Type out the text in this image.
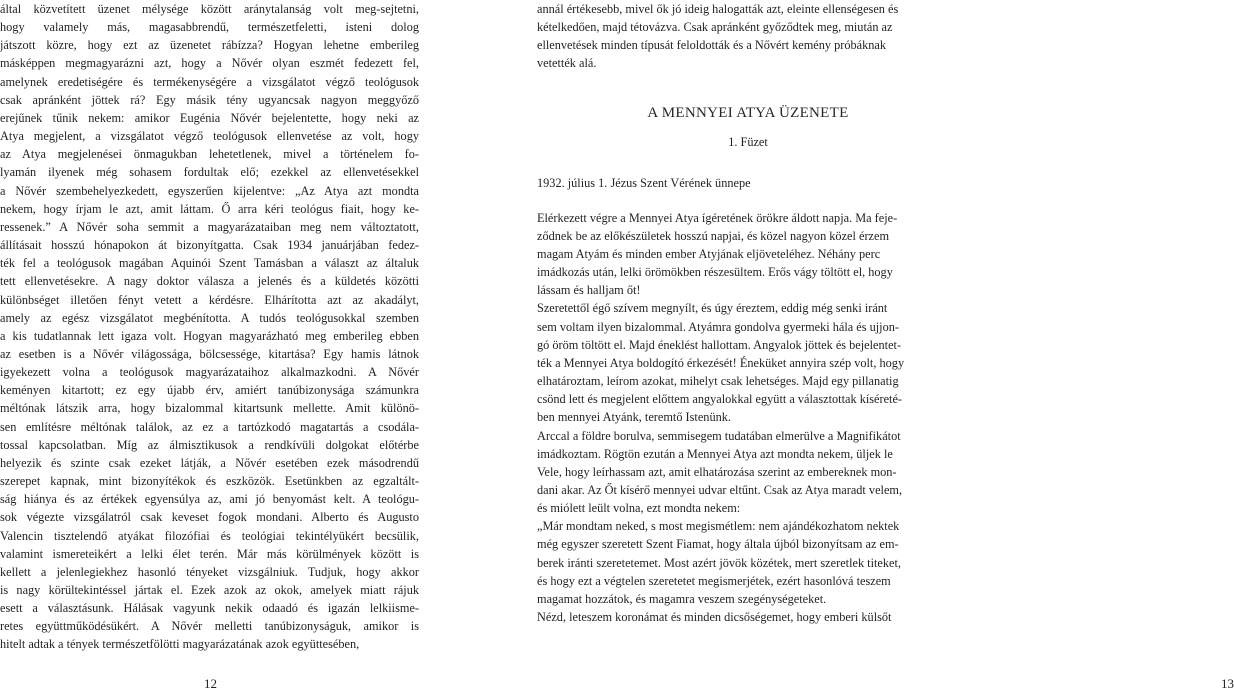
által közvetített üzenet mélysége között aránytalanság volt meg-sejtetni,
hogy valamely más, magasabbrendű, természetfeletti, isteni dolog
játszott közre, hogy ezt az üzenetet rábízza? Hogyan lehetne emberileg
másképpen megmagyarázni azt, hogy a Nővér olyan eszmét fedezett fel,
amelynek eredetiségére és termékenységére a vizsgálatot végző teológusok
csak apránként jöttek rá? Egy másik tény ugyancsak nagyon meggyőző
erejűnek tűnik nekem: amikor Eugénia Nővér bejelentette, hogy neki az
Atya megjelent, a vizsgálatot végző teológusok ellenvetése az volt, hogy
az Atya megjelenései önmagukban lehetetlenek, mivel a történelem fo-
lyamán ilyenek még sohasem fordultak elő; ezekkel az ellenvetésekkel
a Nővér szembehelyezkedett, egyszerűen kijelentve: „Az Atya azt mondta
nekem, hogy írjam le azt, amit láttam. Ő arra kéri teológus fiait, hogy ke-
ressenek.” A Nővér soha semmit a magyarázataiban meg nem változtatott,
állításait hosszú hónapokon át bizonyítgatta. Csak 1934 januárjában fedez-
ték fel a teológusok magában Aquinói Szent Tamásban a választ az általuk
tett ellenvetésekre. A nagy doktor válasza a jelenés és a küldetés közötti
különbséget illetően fényt vetett a kérdésre. Elhárította azt az akadályt,
amely az egész vizsgálatot megbénította. A tudós teológusokkal szemben
a kis tudatlannak lett igaza volt. Hogyan magyarázható meg emberileg ebben
az esetben is a Nővér világossága, bölcsessége, kitartása? Egy hamis látnok
igyekezett volna a teológusok magyarázataihoz alkalmazkodni. A Nővér
keményen kitartott; ez egy újabb érv, amiért tanúbizonysága számunkra
méltónak látszik arra, hogy bizalommal kitartsunk mellette. Amit különö-
sen említésre méltónak találok, az ez a tartózkodó magatartás a csodála-
tossal kapcsolatban. Míg az álmisztikusok a rendkívüli dolgokat előtérbe
helyezik és szinte csak ezeket látják, a Nővér esetében ezek másodrendű
szerepet kapnak, mint bizonyítékok és eszközök. Esetünkben az egzaltált-
ság hiánya és az értékek egyensúlya az, ami jó benyomást kelt. A teológu-
sok végezte vizsgálatról csak keveset fogok mondani. Alberto és Augusto
Valencin tisztelendő atyákat filozófiai és teológiai tekintélyükért becsülik,
valamint ismereteikért a lelki élet terén. Már más körülmények között is
kellett a jelenlegiekhez hasonló tényeket vizsgálniuk. Tudjuk, hogy akkor
is nagy körültekintéssel jártak el. Ezek azok az okok, amelyek miatt rájuk
esett a választásunk. Hálásak vagyunk nekik odaadó és igazán lelkiisme-
retes együttműködésükért. A Nővér melletti tanúbizonyságuk, amikor is
hitelt adtak a tények természetfölötti magyarázatának azok együttesében,
12
annál értékesebb, mivel ők jó ideig halogatták azt, eleinte ellenségesen és
kételkedően, majd tétovázva. Csak apránként győződtek meg, miután az
ellenvetések minden típusát feloldották és a Nővért kemény próbáknak
vetették alá.
A MENNYEI ATYA ÜZENETE
1. Füzet
1932. július 1. Jézus Szent Vérének ünnepe
Elérkezett végre a Mennyei Atya ígéretének örökre áldott napja. Ma feje-
ződnek be az előkészületek hosszú napjai, és közel nagyon közel érzem
magam Atyám és minden ember Atyjának eljöveteléhez. Néhány perc
imádkozás után, lelki örömökben részesültem. Erős vágy töltött el, hogy
lássam és halljam őt!
Szeretettől égő szívem megnyílt, és úgy éreztem, eddig még senki iránt
sem voltam ilyen bizalommal. Atyámra gondolva gyermeki hála és ujjon-
gó öröm töltött el. Majd éneklést hallottam. Angyalok jöttek és bejelentet-
ték a Mennyei Atya boldogító érkezését! Éneküket annyira szép volt, hogy
elhatároztam, leírom azokat, mihelyt csak lehetséges. Majd egy pillanatig
csönd lett és megjelent előttem angyalokkal együtt a választottak kíséreté-
ben mennyei Atyánk, teremtő Istenünk.
Arccal a földre borulva, semmisegem tudatában elmerülve a Magnifikátot
imádkoztam. Rögtön ezután a Mennyei Atya azt mondta nekem, üljek le
Vele, hogy leírhassam azt, amit elhatározása szerint az embereknek mon-
dani akar. Az Őt kísérő mennyei udvar eltűnt. Csak az Atya maradt velem,
és miólett leült volna, ezt mondta nekem:
„Már mondtam neked, s most megismétlem: nem ajándékozhatom nektek
még egyszer szeretett Szent Fiamat, hogy általa újból bizonyítsam az em-
berek iránti szeretetemet. Most azért jövök közétek, mert szeretlek titeket,
és hogy ezt a végtelen szeretetet megismerjétek, ezért hasonlóvá teszem
magamat hozzátok, és magamra veszem szegénységeteket.
Nézd, leteszem koronámat és minden dicsőségemet, hogy emberi külsőt
13
